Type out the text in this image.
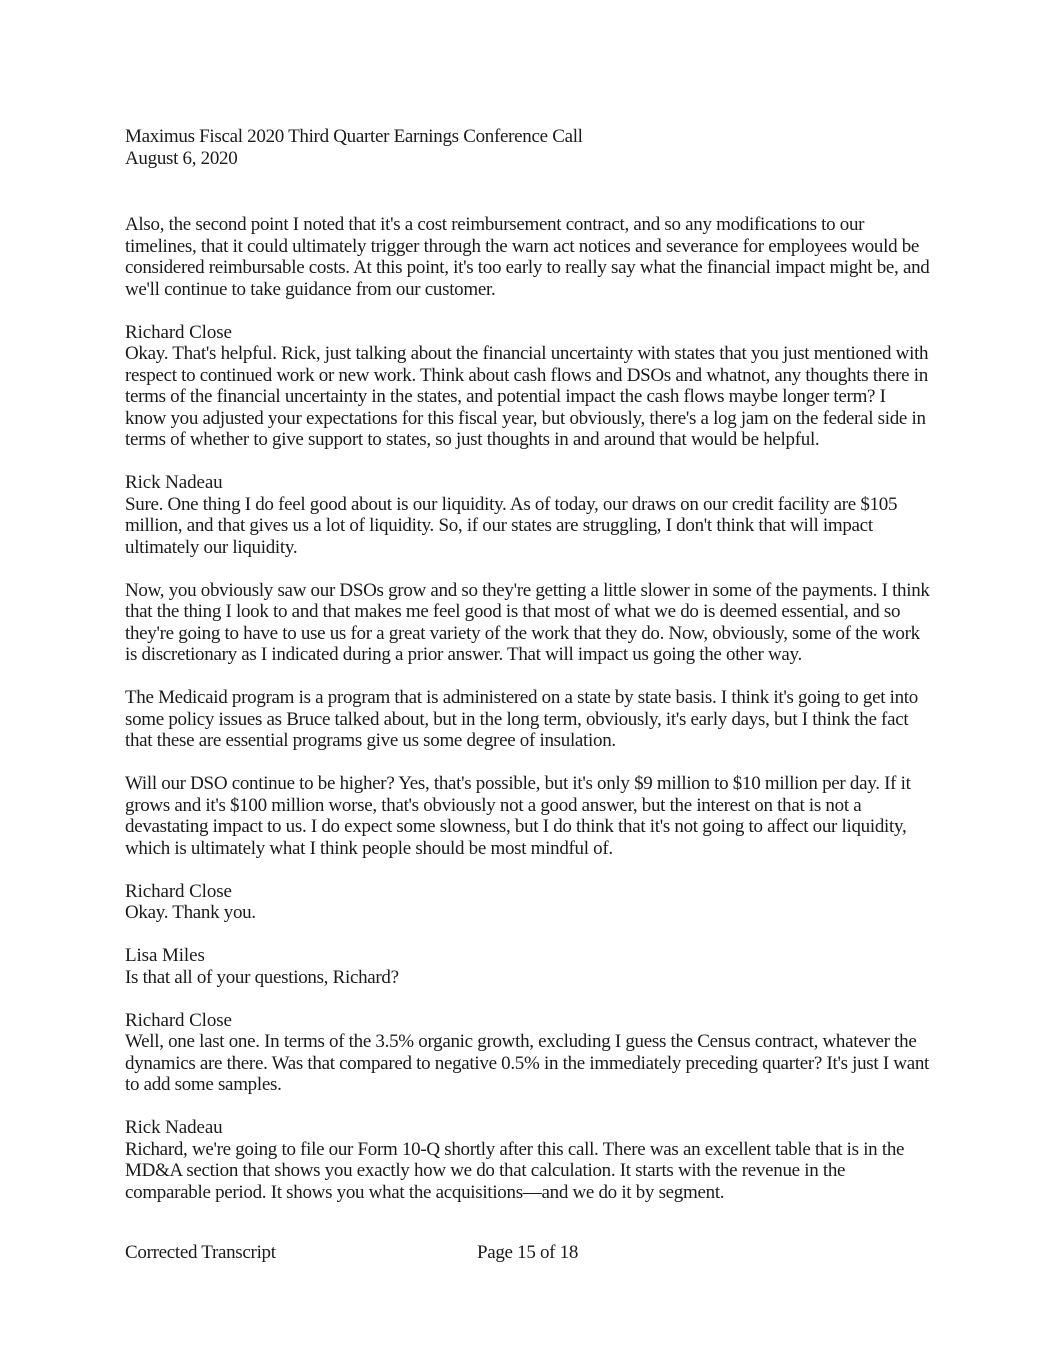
Maximus Fiscal 2020 Third Quarter Earnings Conference Call
August 6, 2020

Also, the second point I noted that it's a cost reimbursement contract, and so any modifications to our timelines, that it could ultimately trigger through the warn act notices and severance for employees would be considered reimbursable costs. At this point, it's too early to really say what the financial impact might be, and we'll continue to take guidance from our customer.

Richard Close

Okay. That's helpful. Rick, just talking about the financial uncertainty with states that you just mentioned with respect to continued work or new work. Think about cash flows and DSOs and whatnot, any thoughts there in terms of the financial uncertainty in the states, and potential impact the cash flows maybe longer term? I know you adjusted your expectations for this fiscal year, but obviously, there's a log jam on the federal side in terms of whether to give support to states, so just thoughts in and around that would be helpful.

Rick Nadeau

Sure. One thing I do feel good about is our liquidity. As of today, our draws on our credit facility are $105 million, and that gives us a lot of liquidity. So, if our states are struggling, I don't think that will impact ultimately our liquidity.

Now, you obviously saw our DSOs grow and so they're getting a little slower in some of the payments. I think that the thing I look to and that makes me feel good is that most of what we do is deemed essential, and so they're going to have to use us for a great variety of the work that they do. Now, obviously, some of the work is discretionary as I indicated during a prior answer. That will impact us going the other way.

The Medicaid program is a program that is administered on a state by state basis. I think it's going to get into some policy issues as Bruce talked about, but in the long term, obviously, it's early days, but I think the fact that these are essential programs give us some degree of insulation.

Will our DSO continue to be higher? Yes, that's possible, but it's only $9 million to $10 million per day. If it grows and it's $100 million worse, that's obviously not a good answer, but the interest on that is not a devastating impact to us. I do expect some slowness, but I do think that it's not going to affect our liquidity, which is ultimately what I think people should be most mindful of.

Richard Close

Okay. Thank you.

Lisa Miles

Is that all of your questions, Richard?

Richard Close

Well, one last one. In terms of the 3.5% organic growth, excluding I guess the Census contract, whatever the dynamics are there. Was that compared to negative 0.5% in the immediately preceding quarter? It's just I want to add some samples.

Rick Nadeau

Richard, we're going to file our Form 10-Q shortly after this call. There was an excellent table that is in the MD&A section that shows you exactly how we do that calculation. It starts with the revenue in the comparable period. It shows you what the acquisitions—and we do it by segment.

Corrected Transcript	Page 15 of 18
